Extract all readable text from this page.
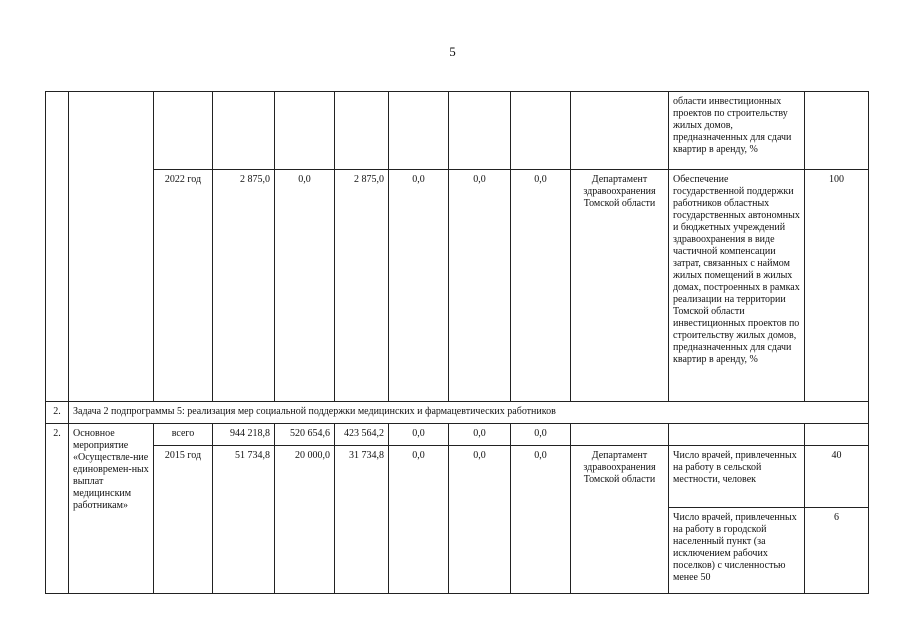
5
										области инвестиционных проектов по строительству жилых домов, предназначенных для сдачи квартир в аренду, %	
		2022 год	2 875,0	0,0	2 875,0	0,0	0,0	0,0	Департамент здравоохранения Томской области	Обеспечение государственной поддержки работников областных государственных автономных и бюджетных учреждений здравоохранения в виде частичной компенсации затрат, связанных с наймом жилых помещений в жилых домах, построенных в рамках реализации на территории Томской области инвестиционных проектов по строительству жилых домов, предназначенных для сдачи квартир в аренду, %	100
2.	Задача 2 подпрограммы 5: реализация мер социальной поддержки медицинских и фармацевтических работников										
2.	Основное мероприятие «Осуществле-ние единовремен-ных выплат медицинским работникам»	всего	944 218,8	520 654,6	423 564,2	0,0	0,0	0,0			
		2015 год	51 734,8	20 000,0	31 734,8	0,0	0,0	0,0	Департамент здравоохранения Томской области	Число врачей, привлеченных на работу в сельской местности, человек	40
										Число врачей, привлеченных на работу в городской населенный пункт (за исключением рабочих поселков) с численностью менее 50	6
